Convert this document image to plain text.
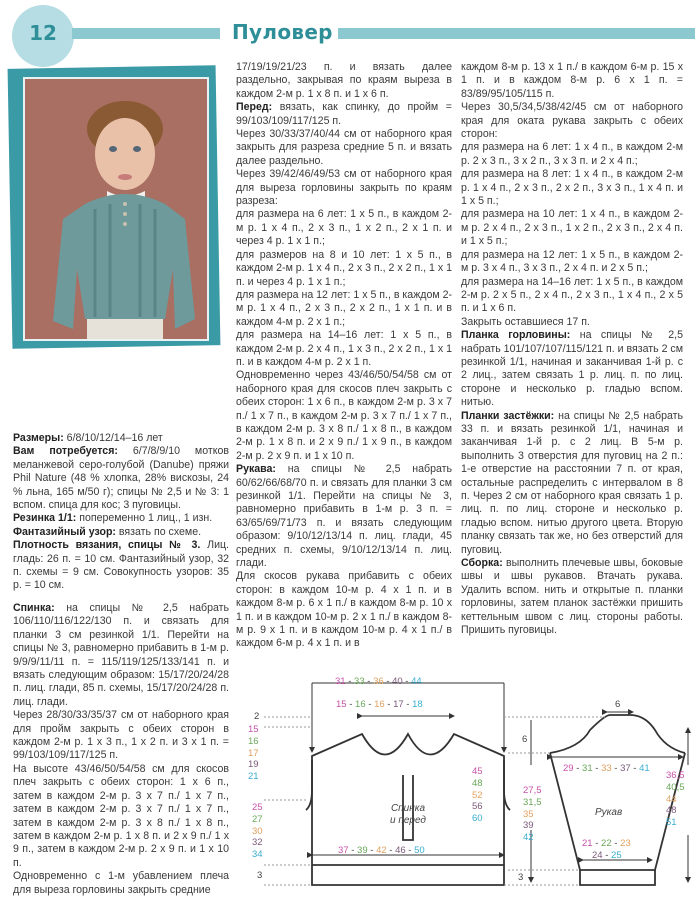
12	Пуловер

Размеры: 6/8/10/12/14–16 лет

Вам потребуется: 6/7/8/9/10 мотков меланжевой серо-голубой (Danube) пряжи Phil Nature (48 % хлопка, 28% вискозы, 24 % льна, 165 м/50 г); спицы № 2,5 и № 3: 1 вспом. спица для кос; 3 пуговицы.

Резинка 1/1: попеременно 1 лиц., 1 изн.

Фантазийный узор: вязать по схеме.

Плотность вязания, спицы № 3. Лиц. гладь: 26 п. = 10 см. Фантазийный узор, 32 п. схемы = 9 см. Совокупность узоров: 35 р. = 10 см.

Спинка: на спицы № 2,5 набрать 106/110/116/122/130 п. и связать для планки 3 см резинкой 1/1. Перейти на спицы № 3, равномерно прибавить в 1-м р. 9/9/9/11/11 п. = 115/119/125/133/141 п. и вязать следующим образом: 15/17/20/24/28 п. лиц. глади, 85 п. схемы, 15/17/20/24/28 п. лиц. глади.

Через 28/30/33/35/37 см от наборного края для пройм закрыть с обеих сторон в каждом 2-м р. 1 х 3 п., 1 х 2 п. и 3 х 1 п. = 99/103/109/117/125 п.

На высоте 43/46/50/54/58 см для скосов плеч закрыть с обеих сторон: 1 х 6 п., затем в каждом 2-м р. 3 х 7 п./ 1 х 7 п., затем в каждом 2-м р. 3 х 7 п./ 1 х 7 п., затем в каждом 2-м р. 3 х 8 п./ 1 х 8 п., затем в каждом 2-м р. 1 х 8 п. и 2 х 9 п./ 1 х 9 п., затем в каждом 2-м р. 2 х 9 п. и 1 х 10 п.

Одновременно с 1-м убавлением плеча для выреза горловины закрыть средние

17/19/19/21/23 п. и вязать далее раздельно, закрывая по краям выреза в каждом 2-м р. 1 х 8 п. и 1 х 6 п.

Перед: вязать, как спинку, до пройм = 99/103/109/117/125 п.

Через 30/33/37/40/44 см от наборного края закрыть для разреза средние 5 п. и вязать далее раздельно.

Через 39/42/46/49/53 см от наборного края для выреза горловины закрыть по краям разреза:

для размера на 6 лет: 1 х 5 п., в каждом 2-м р. 1 х 4 п., 2 х 3 п., 1 х 2 п., 2 х 1 п. и через 4 р. 1 х 1 п.;

для размеров на 8 и 10 лет: 1 х 5 п., в каждом 2-м р. 1 х 4 п., 2 х 3 п., 2 х 2 п., 1 х 1 п. и через 4 р. 1 х 1 п.;

для размера на 12 лет: 1 х 5 п., в каждом 2-м р. 1 х 4 п., 2 х 3 п., 2 х 2 п., 1 х 1 п. и в каждом 4-м р. 2 х 1 п.;

для размера на 14–16 лет: 1 х 5 п., в каждом 2-м р. 2 х 4 п., 1 х 3 п., 2 х 2 п., 1 х 1 п. и в каждом 4-м р. 2 х 1 п.

Одновременно через 43/46/50/54/58 см от наборного края для скосов плеч закрыть с обеих сторон: 1 х 6 п., в каждом 2-м р. 3 х 7 п./ 1 х 7 п., в каждом 2-м р. 3 х 7 п./ 1 х 7 п., в каждом 2-м р. 3 х 8 п./ 1 х 8 п., в каждом 2-м р. 1 х 8 п. и 2 х 9 п./ 1 х 9 п., в каждом 2-м р. 2 х 9 п. и 1 х 10 п.

Рукава: на спицы № 2,5 набрать 60/62/66/68/70 п. и связать для планки 3 см резинкой 1/1. Перейти на спицы № 3, равномерно прибавить в 1-м р. 3 п. = 63/65/69/71/73 п. и вязать следующим образом: 9/10/12/13/14 п. лиц. глади, 45 средних п. схемы, 9/10/12/13/14 п. лиц. глади.

Для скосов рукава прибавить с обеих сторон: в каждом 10-м р. 4 х 1 п. и в каждом 8-м р. 6 х 1 п./ в каждом 8-м р. 10 х 1 п. и в каждом 10-м р. 2 х 1 п./ в каждом 8-м р. 9 х 1 п. и в каждом 10-м р. 4 х 1 п./ в каждом 6-м р. 4 х 1 п. и в

каждом 8-м р. 13 х 1 п./ в каждом 6-м р. 15 х 1 п. и в каждом 8-м р. 6 х 1 п. = 83/89/95/105/115 п.

Через 30,5/34,5/38/42/45 см от наборного края для оката рукава закрыть с обеих сторон:

для размера на 6 лет: 1 х 4 п., в каждом 2-м р. 2 х 3 п., 3 х 2 п., 3 х 3 п. и 2 х 4 п.;

для размера на 8 лет: 1 х 4 п., в каждом 2-м р. 1 х 4 п., 2 х 3 п., 2 х 2 п., 3 х 3 п., 1 х 4 п. и 1 х 5 п.;

для размера на 10 лет: 1 х 4 п., в каждом 2-м р. 2 х 4 п., 2 х 3 п., 1 х 2 п., 2 х 3 п., 2 х 4 п. и 1 х 5 п.;

для размера на 12 лет: 1 х 5 п., в каждом 2-м р. 3 х 4 п., 3 х 3 п., 2 х 4 п. и 2 х 5 п.;

для размера на 14–16 лет: 1 х 5 п., в каждом 2-м р. 2 х 5 п., 2 х 4 п., 2 х 3 п., 1 х 4 п., 2 х 5 п. и 1 х 6 п.

Закрыть оставшиеся 17 п.

Планка горловины: на спицы № 2,5 набрать 101/107/107/115/121 п. и вязать 2 см резинкой 1/1, начиная и заканчивая 1-й р. с 2 лиц., затем связать 1 р. лиц. п. по лиц. стороне и несколько р. гладью вспом. нитью.

Планки застёжки: на спицы № 2,5 набрать 33 п. и вязать резинкой 1/1, начиная и заканчивая 1-й р. с 2 лиц. В 5-м р. выполнить 3 отверстия для пуговиц на 2 п.: 1-е отверстие на расстоянии 7 п. от края, остальные распределить с интервалом в 8 п. Через 2 см от наборного края связать 1 р. лиц. п. по лиц. стороне и несколько р. гладью вспом. нитью другого цвета. Вторую планку связать так же, но без отверстий для пуговиц.

Сборка: выполнить плечевые швы, боковые швы и швы рукавов. Втачать рукава. Удалить вспом. нить и открытые п. планки горловины, затем планок застёжки пришить кеттельным швом с лиц. стороны работы. Пришить пуговицы.

31 - 33 - 36 - 40 - 44
15 - 16 - 16 - 17 - 18
2
15
16
17
19
21
25
27
30
32
34
45
48
52
56
60
Спинка
и перед
37 - 39 - 42 - 46 - 50
3
6
6
29 - 31 - 33 - 37 - 41
27,5
31,5
35
39
42
Рукав
36,5
40,5
44
48
51
21 - 22 - 23
24 - 25
3
